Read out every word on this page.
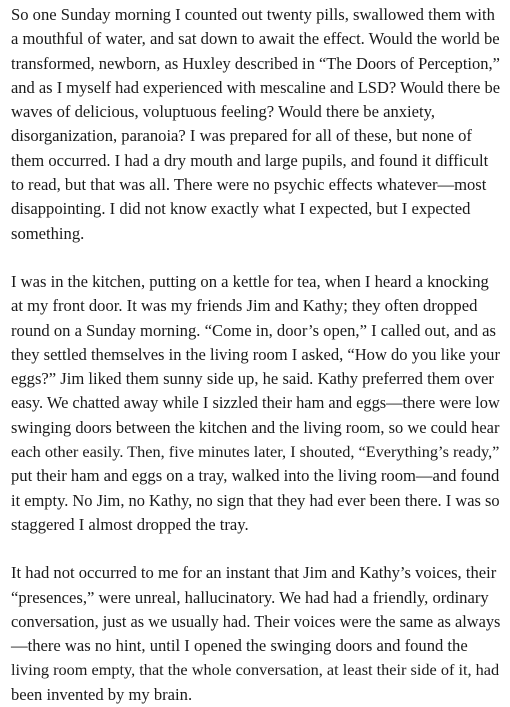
So one Sunday morning I counted out twenty pills, swallowed them with
a mouthful of water, and sat down to await the effect. Would the world be
transformed, newborn, as Huxley described in “The Doors of Perception,”
and as I myself had experienced with mescaline and LSD? Would there be
waves of delicious, voluptuous feeling? Would there be anxiety,
disorganization, paranoia? I was prepared for all of these, but none of
them occurred. I had a dry mouth and large pupils, and found it difficult
to read, but that was all. There were no psychic effects whatever—most
disappointing. I did not know exactly what I expected, but I expected
something.

I was in the kitchen, putting on a kettle for tea, when I heard a knocking
at my front door. It was my friends Jim and Kathy; they often dropped
round on a Sunday morning. “Come in, door’s open,” I called out, and as
they settled themselves in the living room I asked, “How do you like your
eggs?” Jim liked them sunny side up, he said. Kathy preferred them over
easy. We chatted away while I sizzled their ham and eggs—there were low
swinging doors between the kitchen and the living room, so we could hear
each other easily. Then, five minutes later, I shouted, “Everything’s ready,”
put their ham and eggs on a tray, walked into the living room—and found
it empty. No Jim, no Kathy, no sign that they had ever been there. I was so
staggered I almost dropped the tray.

It had not occurred to me for an instant that Jim and Kathy’s voices, their
“presences,” were unreal, hallucinatory. We had had a friendly, ordinary
conversation, just as we usually had. Their voices were the same as always
—there was no hint, until I opened the swinging doors and found the
living room empty, that the whole conversation, at least their side of it, had
been invented by my brain.
